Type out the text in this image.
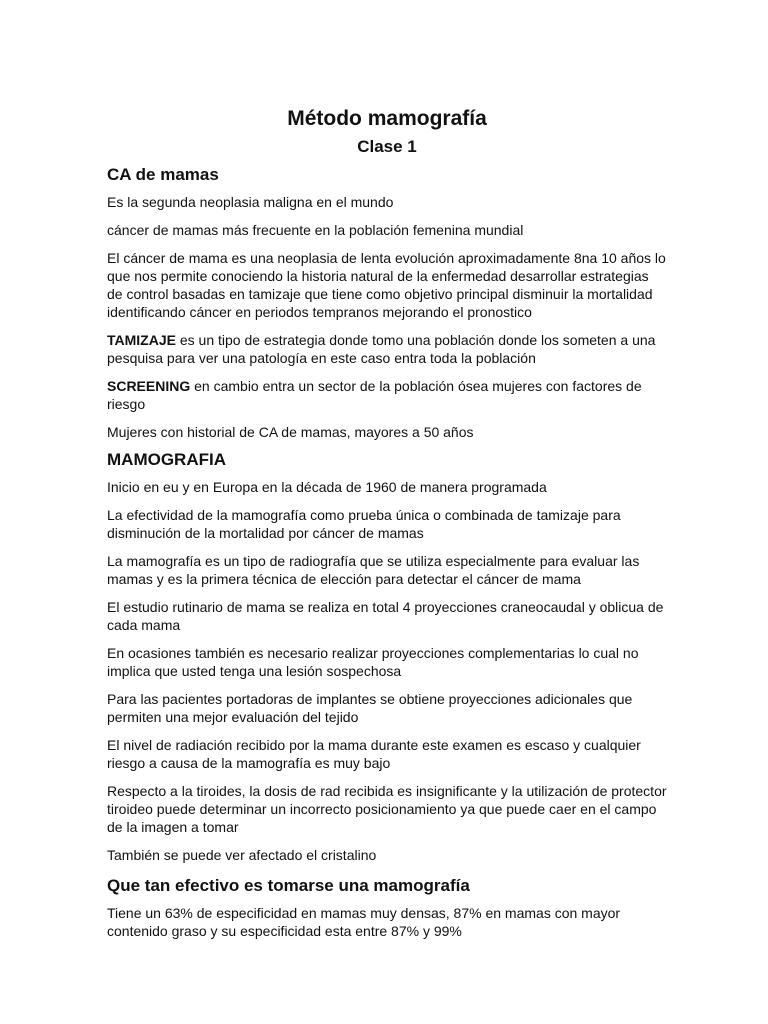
Método mamografía
Clase 1
CA de mamas

Es la segunda neoplasia maligna en el mundo

cáncer de mamas más frecuente en la población femenina mundial

El cáncer de mama es una neoplasia de lenta evolución aproximadamente 8na 10 años lo que nos permite conociendo la historia natural de la enfermedad desarrollar estrategias de control basadas en tamizaje que tiene como objetivo principal disminuir la mortalidad identificando cáncer en periodos tempranos mejorando el pronostico

TAMIZAJE es un tipo de estrategia donde tomo una población donde los someten a una pesquisa para ver una patología en este caso entra toda la población

SCREENING en cambio entra un sector de la población ósea mujeres con factores de riesgo

Mujeres con historial de CA de mamas, mayores a 50 años

MAMOGRAFIA

Inicio en eu y en Europa en la década de 1960 de manera programada

La efectividad de la mamografía como prueba única o combinada de tamizaje para disminución de la mortalidad por cáncer de mamas

La mamografía es un tipo de radiografía que se utiliza especialmente para evaluar las mamas y es la primera técnica de elección para detectar el cáncer de mama

El estudio rutinario de mama se realiza en total 4 proyecciones craneocaudal y oblicua de cada mama

En ocasiones también es necesario realizar proyecciones complementarias lo cual no implica que usted tenga una lesión sospechosa

Para las pacientes portadoras de implantes se obtiene proyecciones adicionales que permiten una mejor evaluación del tejido

El nivel de radiación recibido por la mama durante este examen es escaso y cualquier riesgo a causa de la mamografía es muy bajo

Respecto a la tiroides, la dosis de rad recibida es insignificante y la utilización de protector tiroideo puede determinar un incorrecto posicionamiento ya que puede caer en el campo de la imagen a tomar

También se puede ver afectado el cristalino

Que tan efectivo es tomarse una mamografía

Tiene un 63% de especificidad en mamas muy densas, 87% en mamas con mayor contenido graso y su especificidad esta entre 87% y 99%
